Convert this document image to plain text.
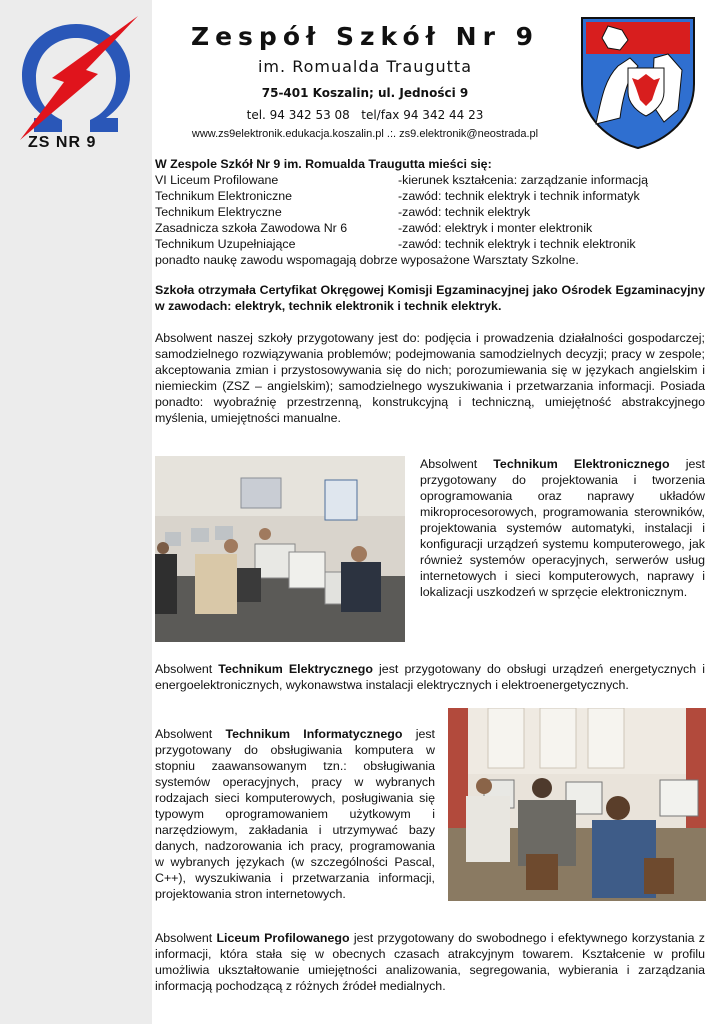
ZS NR 9
Zespół Szkół Nr 9
im. Romualda Traugutta
75-401 Koszalin; ul. Jedności 9
tel. 94 342 53 08   tel/fax 94 342 44 23
www.zs9elektronik.edukacja.koszalin.pl .:. zs9.elektronik@neostrada.pl
W Zespole Szkół Nr 9 im. Romualda Traugutta mieści się:
VI Liceum Profilowane	-kierunek kształcenia: zarządzanie informacją
Technikum Elektroniczne	-zawód: technik elektryk i technik informatyk
Technikum Elektryczne	-zawód: technik elektryk
Zasadnicza szkoła Zawodowa Nr 6	-zawód: elektryk i monter elektronik
Technikum Uzupełniające	-zawód: technik elektryk i technik elektronik
ponadto naukę zawodu wspomagają dobrze wyposażone Warsztaty Szkolne.
Szkoła otrzymała Certyfikat Okręgowej Komisji Egzaminacyjnej jako Ośrodek Egzaminacyjny w zawodach: elektryk, technik elektronik i technik elektryk.
Absolwent naszej szkoły przygotowany jest do: podjęcia i prowadzenia działalności gospodarczej; samodzielnego rozwiązywania problemów; podejmowania samodzielnych decyzji; pracy w zespole; akceptowania zmian i przystosowywania się do nich; porozumiewania się w językach angielskim i niemieckim (ZSZ – angielskim); samodzielnego wyszukiwania i przetwarzania informacji. Posiada ponadto: wyobraźnię przestrzenną, konstrukcyjną i techniczną, umiejętność abstrakcyjnego myślenia, umiejętności manualne.
Absolwent Technikum Elektronicznego jest przygotowany do projektowania i tworzenia oprogramowania oraz naprawy układów mikroprocesorowych, programowania sterowników, projektowania systemów automatyki, instalacji i konfiguracji urządzeń systemu komputerowego, jak również systemów operacyjnych, serwerów usług internetowych i sieci komputerowych, naprawy i lokalizacji uszkodzeń w sprzęcie elektronicznym.
Absolwent Technikum Elektrycznego jest przygotowany do obsługi urządzeń energetycznych i energoelektronicznych, wykonawstwa instalacji elektrycznych i elektroenergetycznych.
Absolwent Technikum Informatycznego jest przygotowany do obsługiwania komputera w stopniu zaawansowanym tzn.: obsługiwania systemów operacyjnych, pracy w wybranych rodzajach sieci komputerowych, posługiwania się typowym oprogramowaniem użytkowym i narzędziowym, zakładania i utrzymywać bazy danych, nadzorowania ich pracy, programowania w wybranych językach (w szczególności Pascal, C++), wyszukiwania i przetwarzania informacji, projektowania stron internetowych.
Absolwent Liceum Profilowanego jest przygotowany do swobodnego i efektywnego korzystania z informacji, która stała się w obecnych czasach atrakcyjnym towarem. Kształcenie w profilu umożliwia ukształtowanie umiejętności analizowania, segregowania, wybierania i zarządzania informacją pochodzącą z różnych źródeł medialnych.
